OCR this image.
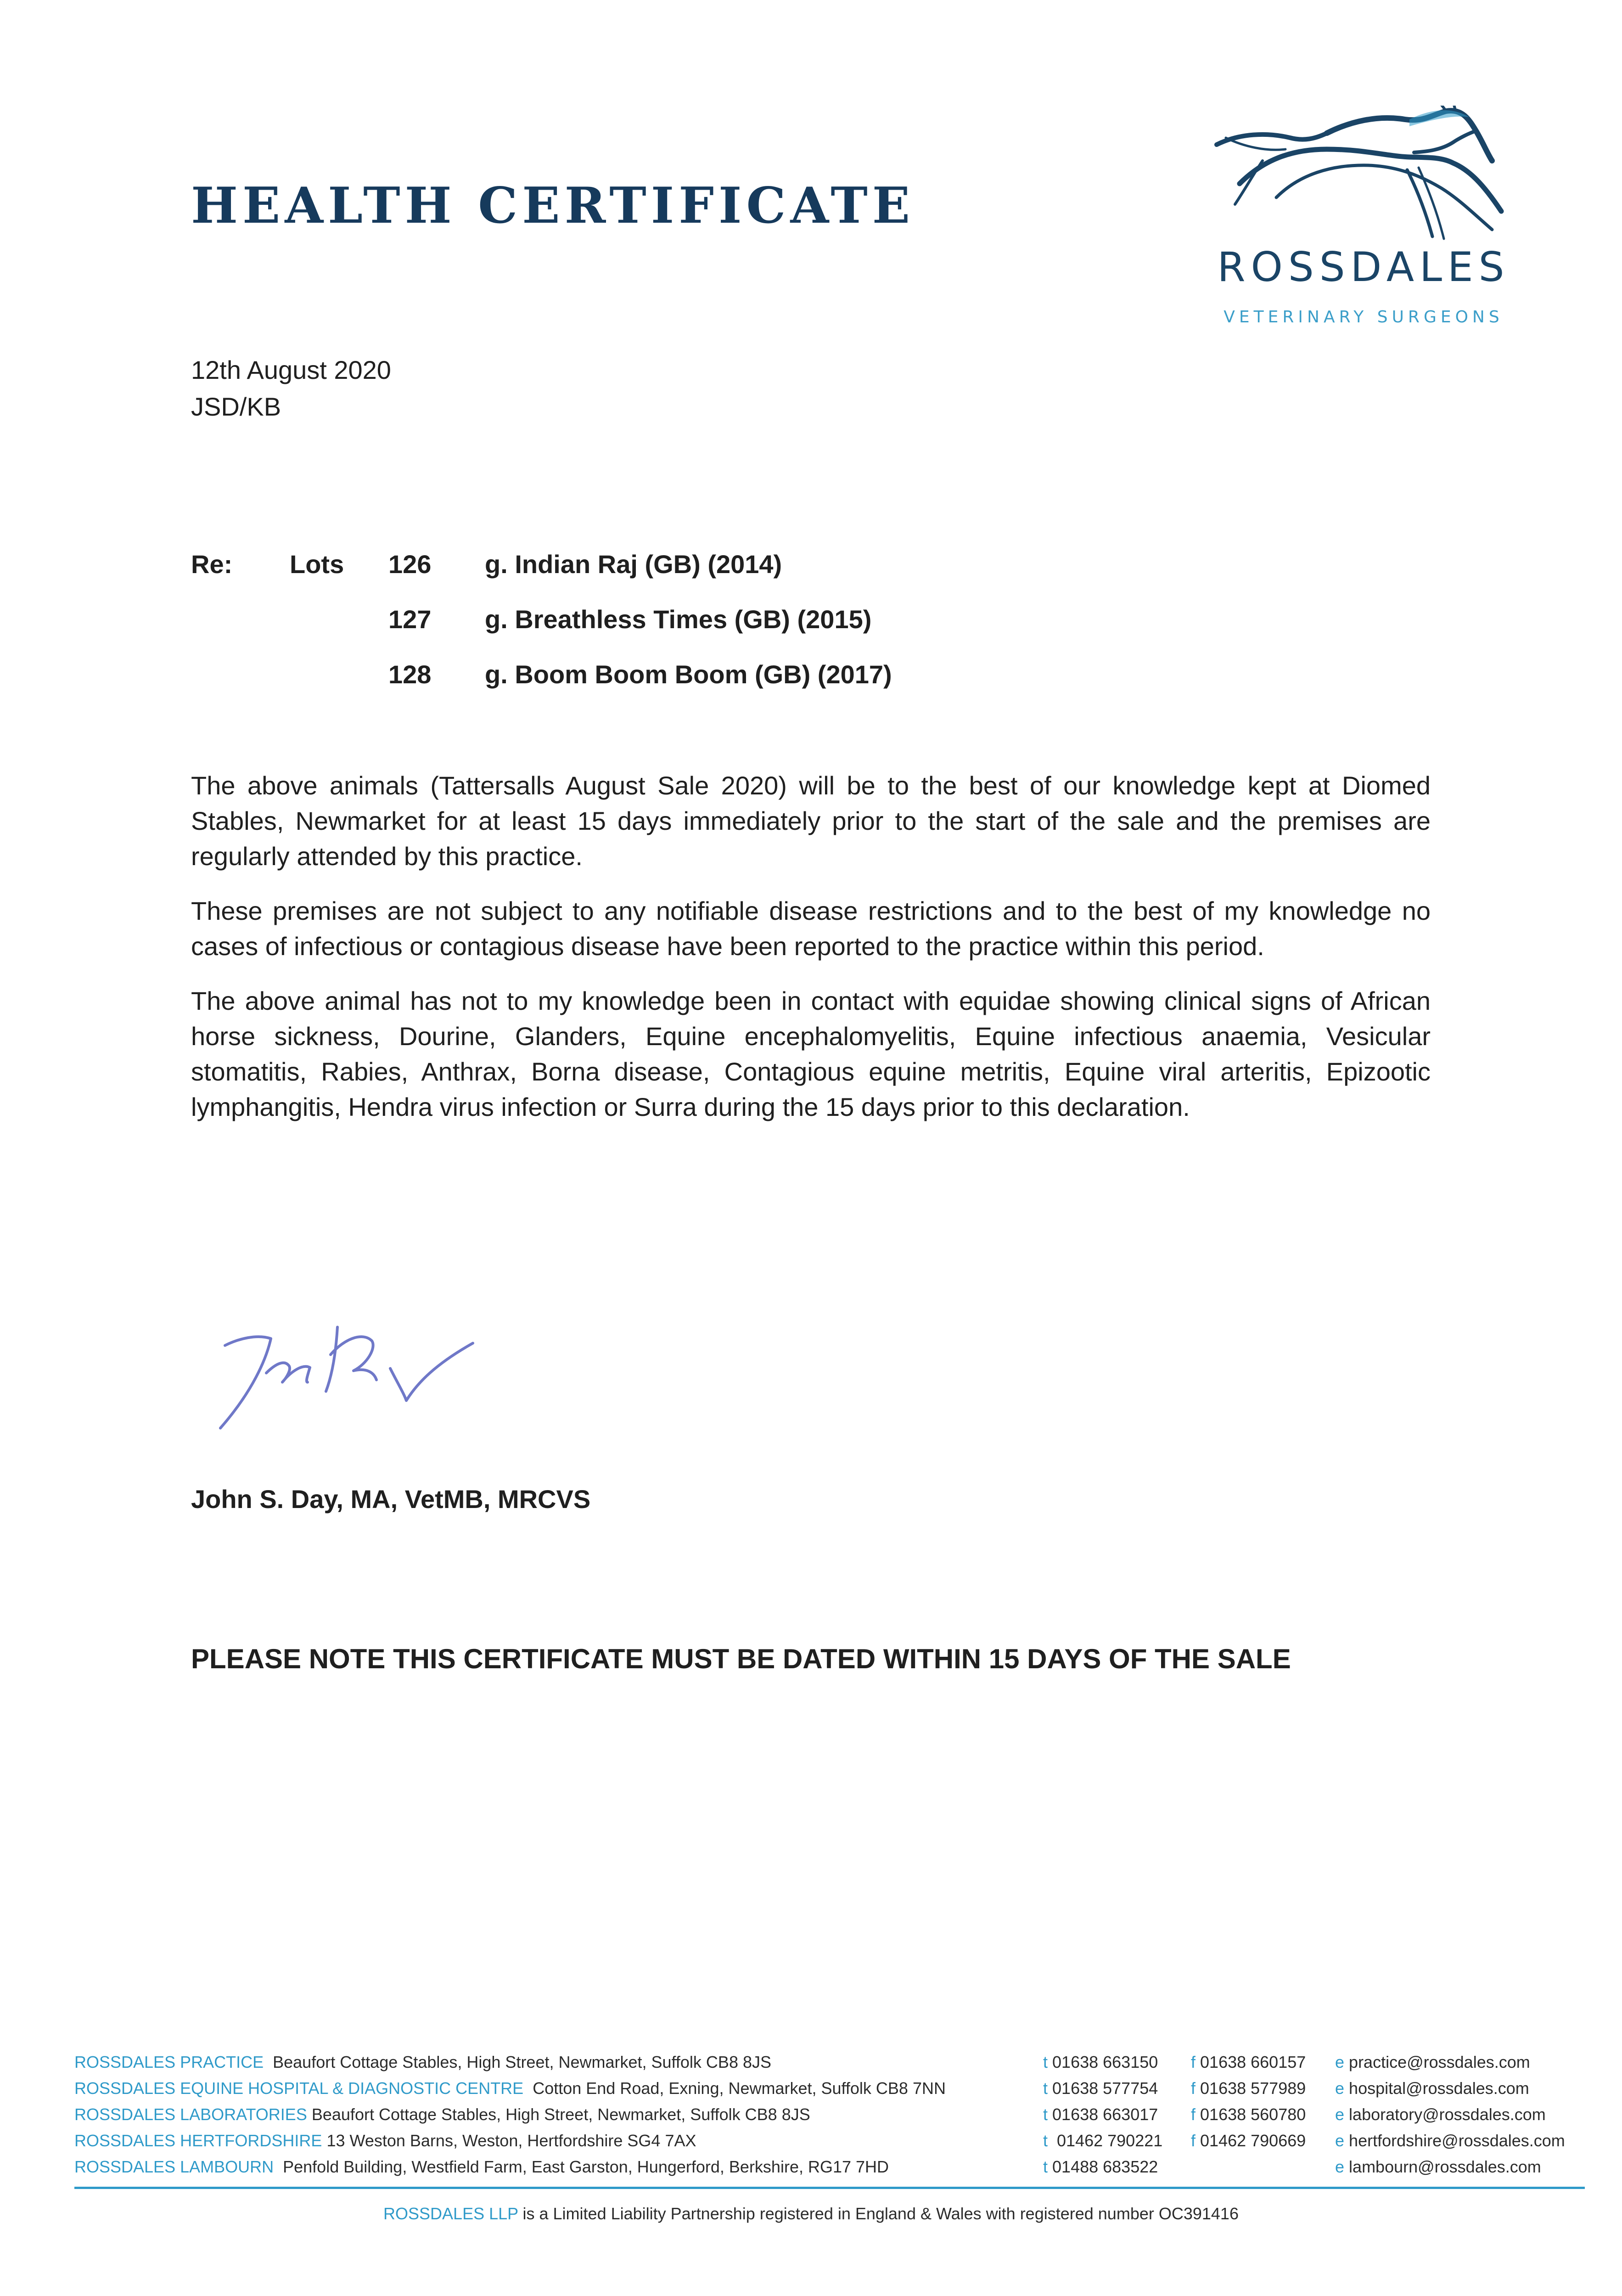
HEALTH CERTIFICATE
ROSSDALES
VETERINARY SURGEONS
12th August 2020
JSD/KB
Re: Lots 126 g. Indian Raj (GB) (2014)
127 g. Breathless Times (GB) (2015)
128 g. Boom Boom Boom (GB) (2017)

The above animals (Tattersalls August Sale 2020) will be to the best of our knowledge kept at Diomed Stables, Newmarket for at least 15 days immediately prior to the start of the sale and the premises are regularly attended by this practice.

These premises are not subject to any notifiable disease restrictions and to the best of my knowledge no cases of infectious or contagious disease have been reported to the practice within this period.

The above animal has not to my knowledge been in contact with equidae showing clinical signs of African horse sickness, Dourine, Glanders, Equine encephalomyelitis, Equine infectious anaemia, Vesicular stomatitis, Rabies, Anthrax, Borna disease, Contagious equine metritis, Equine viral arteritis, Epizootic lymphangitis, Hendra virus infection or Surra during the 15 days prior to this declaration.

John S. Day, MA, VetMB, MRCVS
PLEASE NOTE THIS CERTIFICATE MUST BE DATED WITHIN 15 DAYS OF THE SALE
ROSSDALES PRACTICE Beaufort Cottage Stables, High Street, Newmarket, Suffolk CB8 8JS	t 01638 663150 f 01638 660157 e practice@rossdales.com
ROSSDALES EQUINE HOSPITAL & DIAGNOSTIC CENTRE Cotton End Road, Exning, Newmarket, Suffolk CB8 7NN	t 01638 577754 f 01638 577989 e hospital@rossdales.com
ROSSDALES LABORATORIES Beaufort Cottage Stables, High Street, Newmarket, Suffolk CB8 8JS	t 01638 663017 f 01638 560780 e laboratory@rossdales.com
ROSSDALES HERTFORDSHIRE 13 Weston Barns, Weston, Hertfordshire SG4 7AX	t 01462 790221 f 01462 790669 e hertfordshire@rossdales.com
ROSSDALES LAMBOURN Penfold Building, Westfield Farm, East Garston, Hungerford, Berkshire, RG17 7HD	t 01488 683522	e lambourn@rossdales.com
ROSSDALES LLP is a Limited Liability Partnership registered in England & Wales with registered number OC391416
